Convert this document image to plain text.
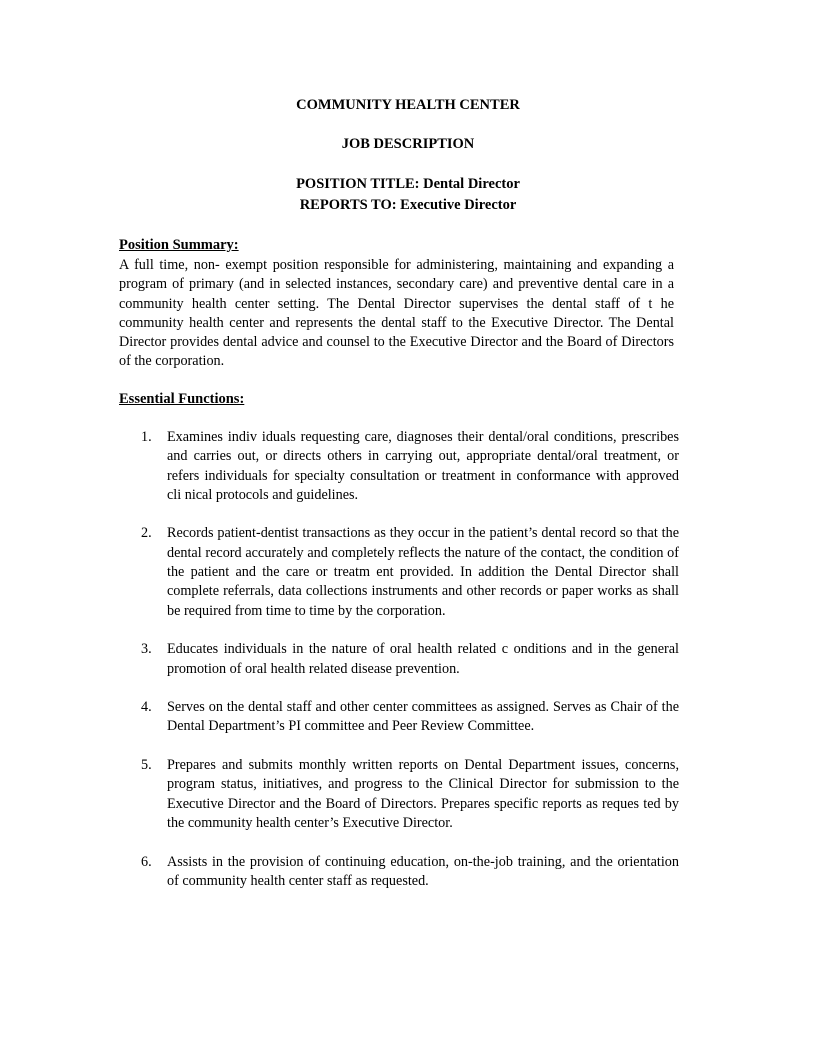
COMMUNITY HEALTH CENTER
JOB DESCRIPTION
POSITION TITLE: Dental Director
REPORTS TO: Executive Director
Position Summary:

A full time, non- exempt position responsible for administering, maintaining and expanding a program of primary (and in selected instances, secondary care) and preventive dental care in a community health center setting. The Dental Director supervises the dental staff of t he community health center and represents the dental staff to the Executive Director. The Dental Director provides dental advice and counsel to the Executive Director and the Board of Directors of the corporation.

Essential Functions:
1.	Examines indiv iduals requesting care, diagnoses their dental/oral conditions, prescribes and carries out, or directs others in carrying out, appropriate dental/oral treatment, or refers individuals for specialty consultation or treatment in conformance with approved cli nical protocols and guidelines.
2.	Records patient-dentist transactions as they occur in the patient’s dental record so that the dental record accurately and completely reflects the nature of the contact, the condition of the patient and the care or treatm ent provided. In addition the Dental Director shall complete referrals, data collections instruments and other records or paper works as shall be required from time to time by the corporation.
3.	Educates individuals in the nature of oral health related c onditions and in the general promotion of oral health related disease prevention.
4.	Serves on the dental staff and other center committees as assigned. Serves as Chair of the Dental Department’s PI committee and Peer Review Committee.
5.	Prepares and submits monthly written reports on Dental Department issues, concerns, program status, initiatives, and progress to the Clinical Director for submission to the Executive Director and the Board of Directors. Prepares specific reports as reques ted by the community health center’s Executive Director.
6.	Assists in the provision of continuing education, on-the-job training, and the orientation of community health center staff as requested.
